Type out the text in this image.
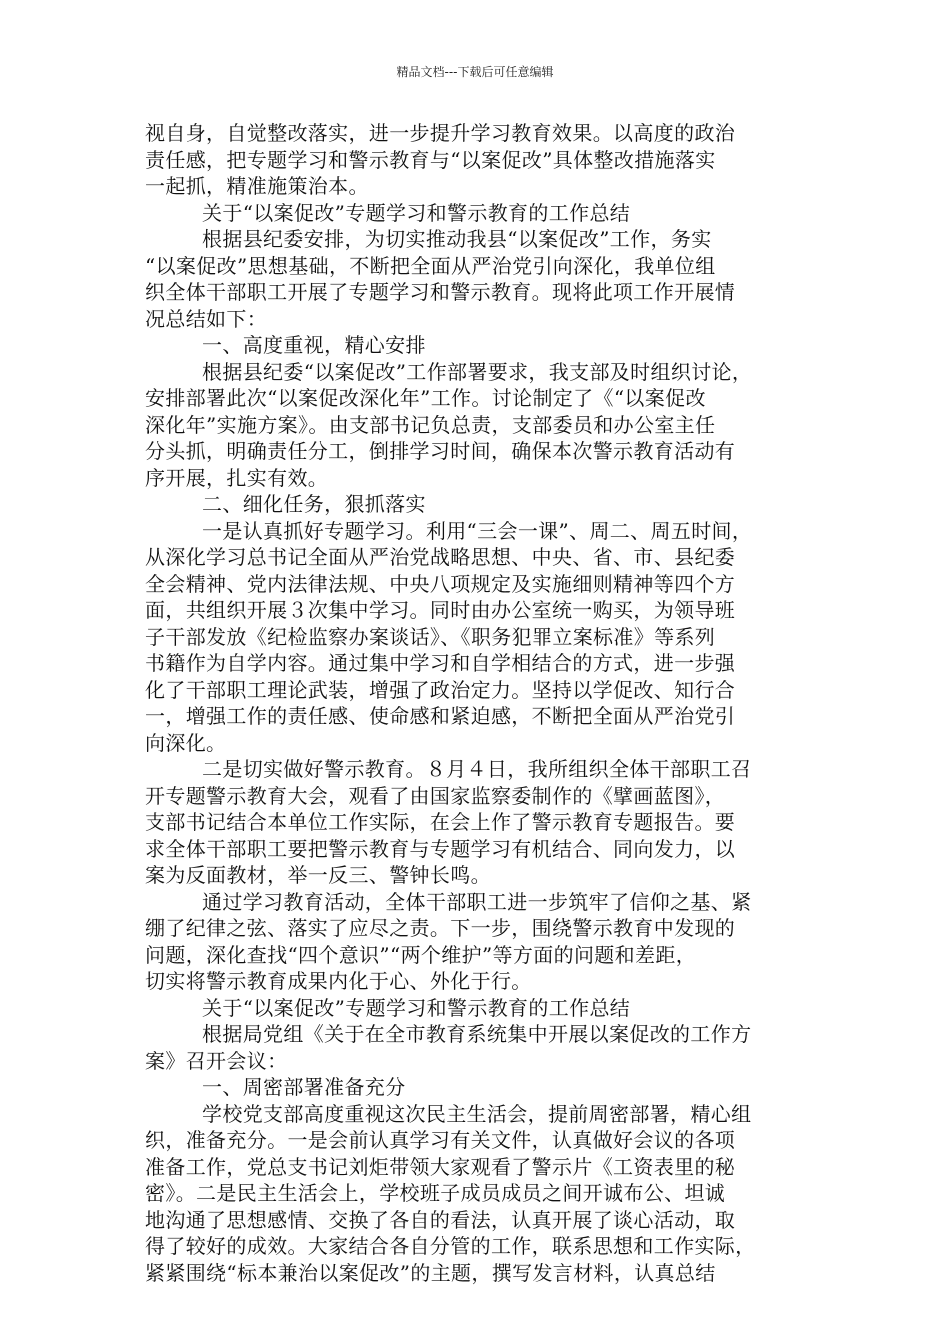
精品文档---下载后可任意编辑
视自身，自觉整改落实，进一步提升学习教育效果。以高度的政治
责任感，把专题学习和警示教育与“以案促改”具体整改措施落实
一起抓，精准施策治本。
关于“以案促改”专题学习和警示教育的工作总结
根据县纪委安排，为切实推动我县“以案促改”工作，务实
“以案促改”思想基础，不断把全面从严治党引向深化，我单位组
织全体干部职工开展了专题学习和警示教育。现将此项工作开展情
况总结如下：
一、高度重视，精心安排
根据县纪委“以案促改”工作部署要求，我支部及时组织讨论，
安排部署此次“以案促改深化年”工作。讨论制定了《“以案促改
深化年”实施方案》。由支部书记负总责，支部委员和办公室主任
分头抓，明确责任分工，倒排学习时间，确保本次警示教育活动有
序开展，扎实有效。
二、细化任务，狠抓落实
一是认真抓好专题学习。利用“三会一课”、周二、周五时间，
从深化学习总书记全面从严治党战略思想、中央、省、市、县纪委
全会精神、党内法律法规、中央八项规定及实施细则精神等四个方
面，共组织开展３次集中学习。同时由办公室统一购买，为领导班
子干部发放《纪检监察办案谈话》、《职务犯罪立案标准》等系列
书籍作为自学内容。通过集中学习和自学相结合的方式，进一步强
化了干部职工理论武装，增强了政治定力。坚持以学促改、知行合
一，增强工作的责任感、使命感和紧迫感，不断把全面从严治党引
向深化。
二是切实做好警示教育。８月４日，我所组织全体干部职工召
开专题警示教育大会，观看了由国家监察委制作的《擘画蓝图》，
支部书记结合本单位工作实际，在会上作了警示教育专题报告。要
求全体干部职工要把警示教育与专题学习有机结合、同向发力，以
案为反面教材，举一反三、警钟长鸣。
通过学习教育活动，全体干部职工进一步筑牢了信仰之基、紧
绷了纪律之弦、落实了应尽之责。下一步，围绕警示教育中发现的
问题，深化查找“四个意识”“两个维护”等方面的问题和差距，
切实将警示教育成果内化于心、外化于行。
关于“以案促改”专题学习和警示教育的工作总结
根据局党组《关于在全市教育系统集中开展以案促改的工作方
案》召开会议：
一、周密部署准备充分
学校党支部高度重视这次民主生活会，提前周密部署，精心组
织，准备充分。一是会前认真学习有关文件，认真做好会议的各项
准备工作，党总支书记刘炬带领大家观看了警示片《工资表里的秘
密》。二是民主生活会上，学校班子成员成员之间开诚布公、坦诚
地沟通了思想感情、交换了各自的看法，认真开展了谈心活动，取
得了较好的成效。大家结合各自分管的工作，联系思想和工作实际，
紧紧围绕“标本兼治以案促改”的主题，撰写发言材料，认真总结
